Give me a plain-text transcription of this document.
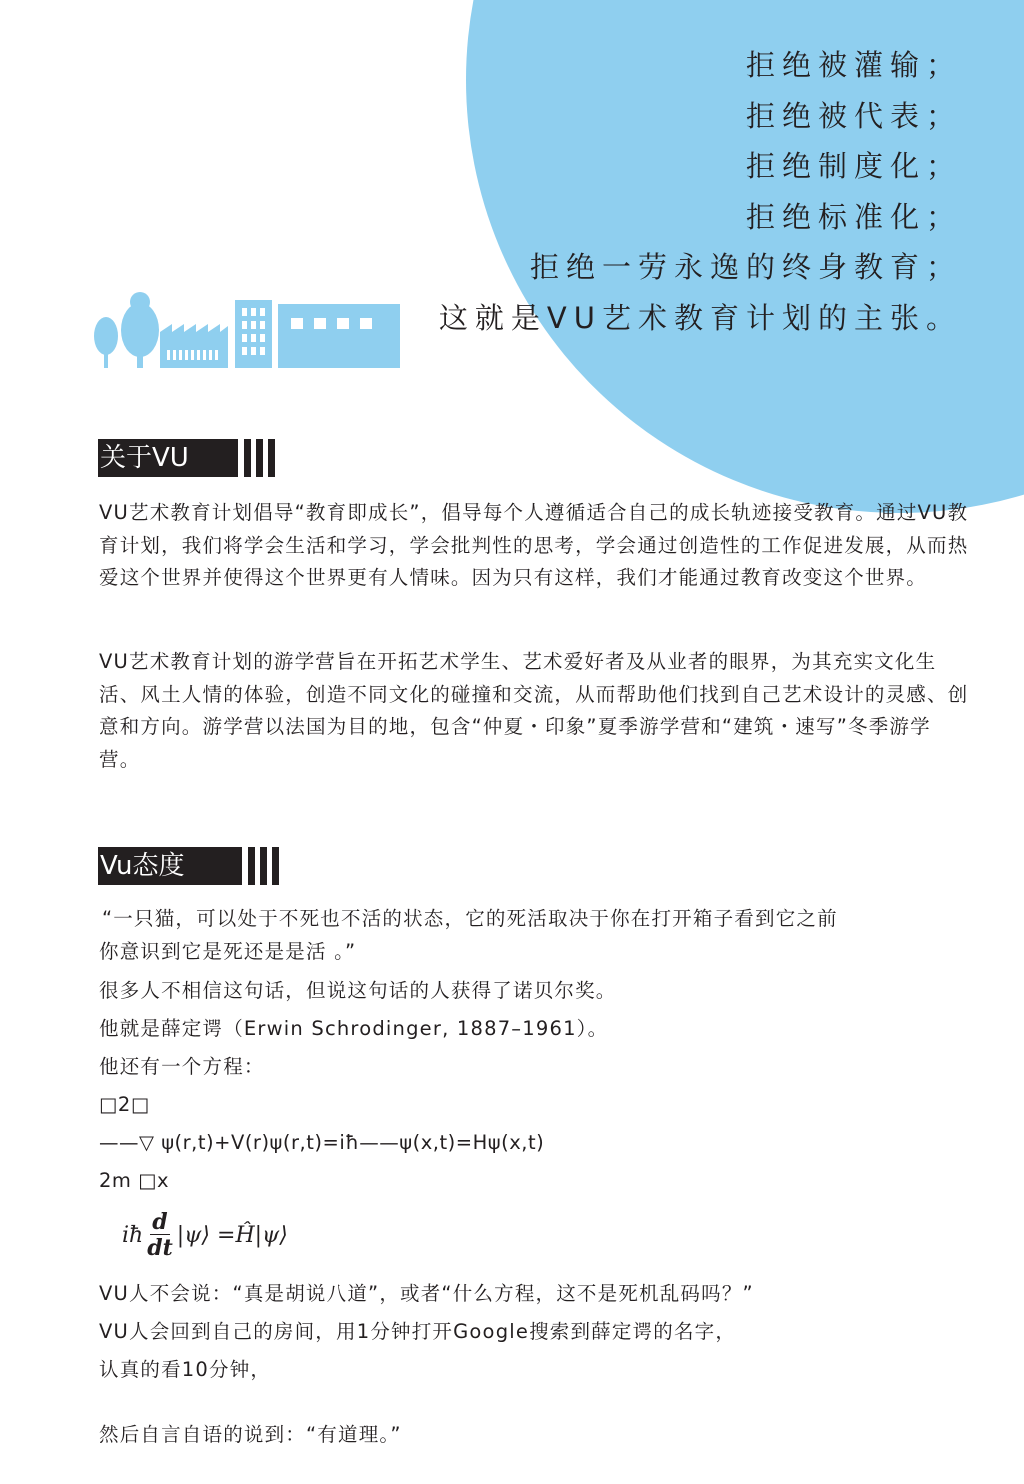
拒绝被灌输；
拒绝被代表；
拒绝制度化；
拒绝标准化；
拒绝一劳永逸的终身教育；
这就是VU艺术教育计划的主张。
关于VU

VU艺术教育计划倡导“教育即成长”，倡导每个人遵循适合自己的成长轨迹接受教育。通过VU教育计划，我们将学会生活和学习，学会批判性的思考，学会通过创造性的工作促进发展，从而热爱这个世界并使得这个世界更有人情味。因为只有这样，我们才能通过教育改变这个世界。

VU艺术教育计划的游学营旨在开拓艺术学生、艺术爱好者及从业者的眼界，为其充实文化生活、风土人情的体验，创造不同文化的碰撞和交流，从而帮助他们找到自己艺术设计的灵感、创意和方向。游学营以法国为目的地，包含“仲夏・印象”夏季游学营和“建筑・速写”冬季游学营。

Vu态度
“一只猫，可以处于不死也不活的状态，它的死活取决于你在打开箱子看到它之前
你意识到它是死还是是活 。”
很多人不相信这句话，但说这句话的人获得了诺贝尔奖。
他就是薛定谔（Erwin Schrodinger, 1887–1961）。
他还有一个方程：
□2□
——▽ ψ(r,t)+V(r)ψ(r,t)=iħ——ψ(x,t)=Hψ(x,t)
2m □x
iħ $\frac{d}{dt}$ |ψ⟩ =Ĥ|ψ⟩
VU人不会说：“真是胡说八道”，或者“什么方程，这不是死机乱码吗？”
VU人会回到自己的房间，用1分钟打开Google搜索到薛定谔的名字，
认真的看10分钟，
然后自言自语的说到：“有道理。”
